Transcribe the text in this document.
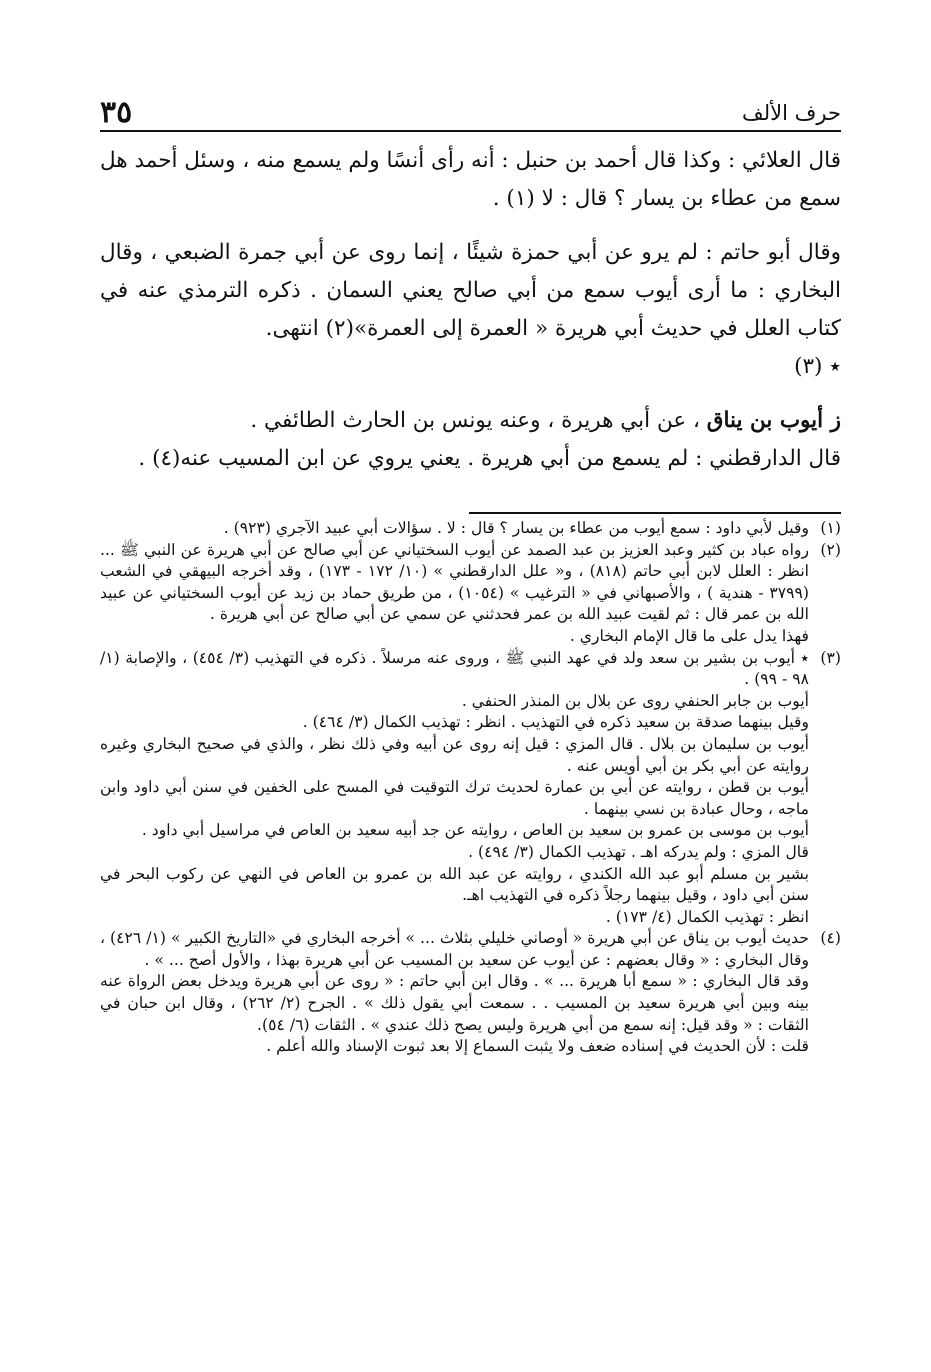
٣٥	حرف الألف

قال العلائي : وكذا قال أحمد بن حنبل : أنه رأى أنسًا ولم يسمع منه ، وسئل أحمد هل سمع من عطاء بن يسار ؟ قال : لا (١) .

وقال أبو حاتم : لم يرو عن أبي حمزة شيئًا ، إنما روى عن أبي جمرة الضبعي ، وقال البخاري : ما أرى أيوب سمع من أبي صالح يعني السمان . ذكره الترمذي عنه في كتاب العلل في حديث أبي هريرة « العمرة إلى العمرة»(٢) انتهى.

٭ (٣)

ز أيوب بن يناق ، عن أبي هريرة ، وعنه يونس بن الحارث الطائفي .

قال الدارقطني : لم يسمع من أبي هريرة . يعني يروي عن ابن المسيب عنه(٤) .

(١)
وقيل لأبي داود : سمع أيوب من عطاء بن يسار ؟ قال : لا . سؤالات أبي عبيد الآجري (٩٢٣) .
(٢)
رواه عباد بن كثير وعبد العزيز بن عبد الصمد عن أيوب السختياني عن أبي صالح عن أبي هريرة عن النبي ﷺ ... انظر : العلل لابن أبي حاتم (٨١٨) ، و« علل الدارقطني » (١٠/ ١٧٢ - ١٧٣) ، وقد أخرجه البيهقي في الشعب (٣٧٩٩ - هندية ) ، والأصبهاني في « الترغيب » (١٠٥٤) ، من طريق حماد بن زيد عن أيوب السختياني عن عبيد الله بن عمر قال : ثم لقيت عبيد الله بن عمر فحدثني عن سمي عن أبي صالح عن أبي هريرة .
فهذا يدل على ما قال الإمام البخاري .
(٣)
٭ أيوب بن بشير بن سعد ولد في عهد النبي ﷺ ، وروى عنه مرسلاً . ذكره في التهذيب (٣/ ٤٥٤) ، والإصابة (١/ ٩٨ - ٩٩) .
أيوب بن جابر الحنفي روى عن بلال بن المنذر الحنفي .
وقيل بينهما صدقة بن سعيد ذكره في التهذيب . انظر : تهذيب الكمال (٣/ ٤٦٤) .
أيوب بن سليمان بن بلال . قال المزي : قيل إنه روى عن أبيه وفي ذلك نظر ، والذي في صحيح البخاري وغيره روايته عن أبي بكر بن أبي أويس عنه .
أيوب بن قطن ، روايته عن أبي بن عمارة لحديث ترك التوقيت في المسح على الخفين في سنن أبي داود وابن ماجه ، وحال عبادة بن نسي بينهما .
أيوب بن موسى بن عمرو بن سعيد بن العاص ، روايته عن جد أبيه سعيد بن العاص في مراسيل أبي داود .
قال المزي : ولم يدركه اهـ . تهذيب الكمال (٣/ ٤٩٤) .
بشير بن مسلم أبو عبد الله الكندي ، روايته عن عبد الله بن عمرو بن العاص في النهي عن ركوب البحر في سنن أبي داود ، وقيل بينهما رجلاً ذكره في التهذيب اهـ.
انظر : تهذيب الكمال (٤/ ١٧٣) .
(٤)
حديث أيوب بن يناق عن أبي هريرة « أوصاني خليلي بثلاث ... » أخرجه البخاري في «التاريخ الكبير » (١/ ٤٢٦) ، وقال البخاري : « وقال بعضهم : عن أيوب عن سعيد بن المسيب عن أبي هريرة بهذا ، والأول أصح ... » .
وقد قال البخاري : « سمع أبا هريرة ... » . وقال ابن أبي حاتم : « روى عن أبي هريرة ويدخل بعض الرواة عنه بينه وبين أبي هريرة سعيد بن المسيب . . سمعت أبي يقول ذلك » . الجرح (٢/ ٢٦٢) ، وقال ابن حبان في الثقات : « وقد قيل: إنه سمع من أبي هريرة وليس يصح ذلك عندي » . الثقات (٦/ ٥٤).
قلت : لأن الحديث في إسناده ضعف ولا يثبت السماع إلا بعد ثبوت الإسناد والله أعلم .
